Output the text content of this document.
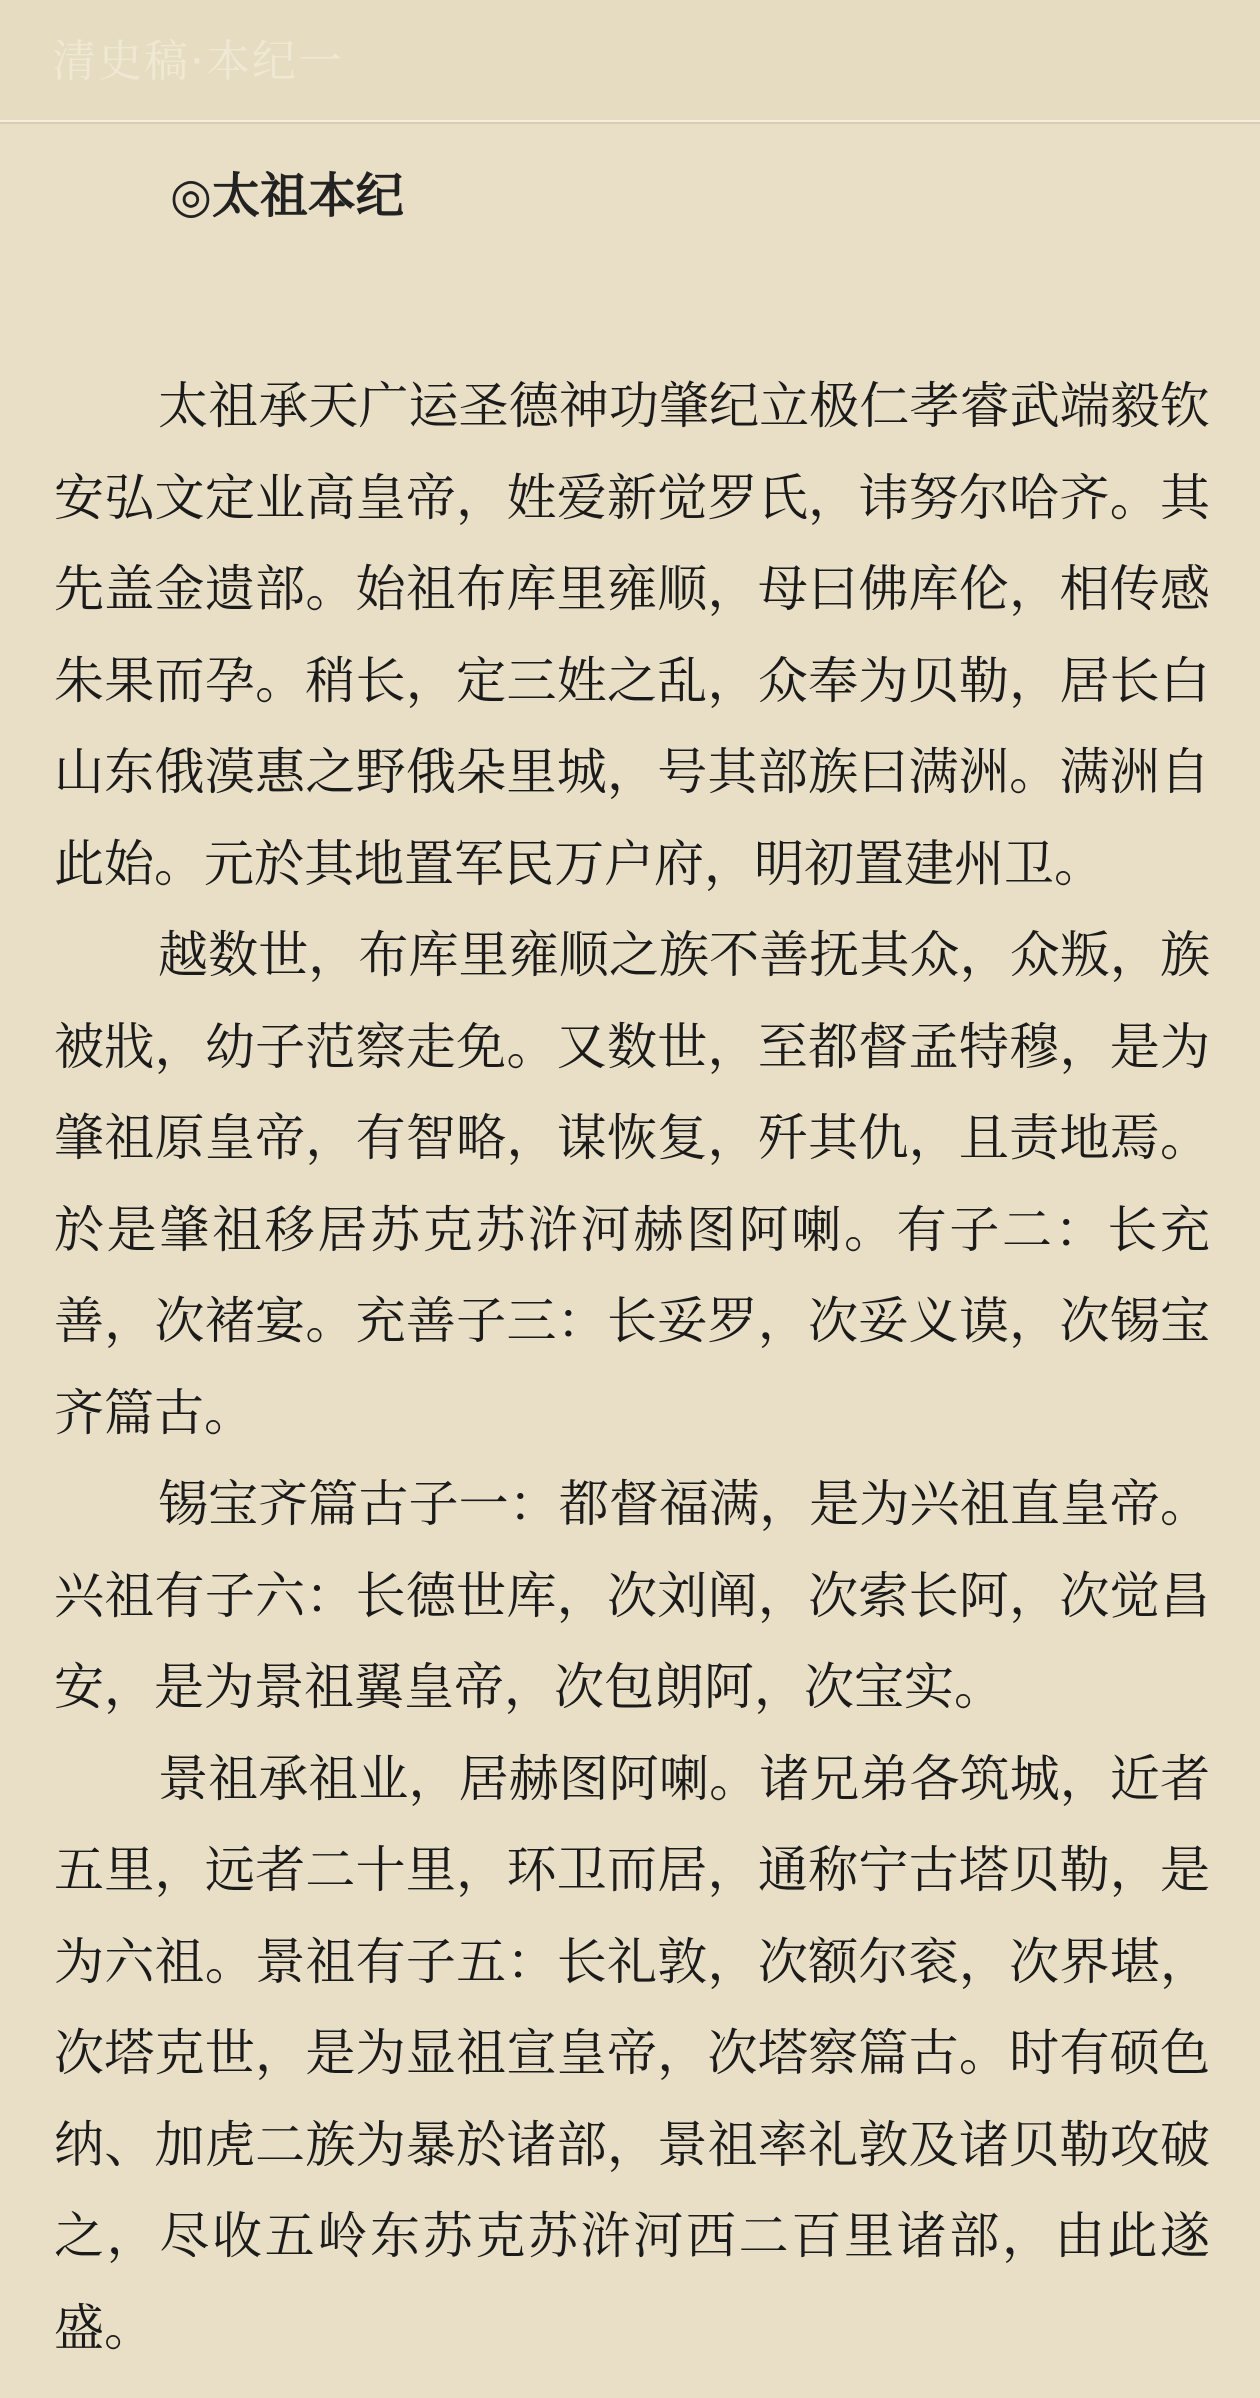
清史稿·本纪一
◎太祖本纪

太祖承天广运圣德神功肇纪立极仁孝睿武端毅钦安弘文定业高皇帝，姓爱新觉罗氏，讳努尔哈齐。其先盖金遗部。始祖布库里雍顺，母曰佛库伦，相传感朱果而孕。稍长，定三姓之乱，众奉为贝勒，居长白山东俄漠惠之野俄朵里城，号其部族曰满洲。满洲自此始。元於其地置军民万户府，明初置建州卫。

越数世，布库里雍顺之族不善抚其众，众叛，族被戕，幼子范察走免。又数世，至都督孟特穆，是为肇祖原皇帝，有智略，谋恢复，歼其仇，且责地焉。於是肇祖移居苏克苏浒河赫图阿喇。有子二：长充善，次褚宴。充善子三：长妥罗，次妥义谟，次锡宝齐篇古。

锡宝齐篇古子一：都督福满，是为兴祖直皇帝。兴祖有子六：长德世库，次刘阐，次索长阿，次觉昌安，是为景祖翼皇帝，次包朗阿，次宝实。

景祖承祖业，居赫图阿喇。诸兄弟各筑城，近者五里，远者二十里，环卫而居，通称宁古塔贝勒，是为六祖。景祖有子五：长礼敦，次额尔衮，次界堪，次塔克世，是为显祖宣皇帝，次塔察篇古。时有硕色纳、加虎二族为暴於诸部，景祖率礼敦及诸贝勒攻破之，尽收五岭东苏克苏浒河西二百里诸部，由此遂盛。
